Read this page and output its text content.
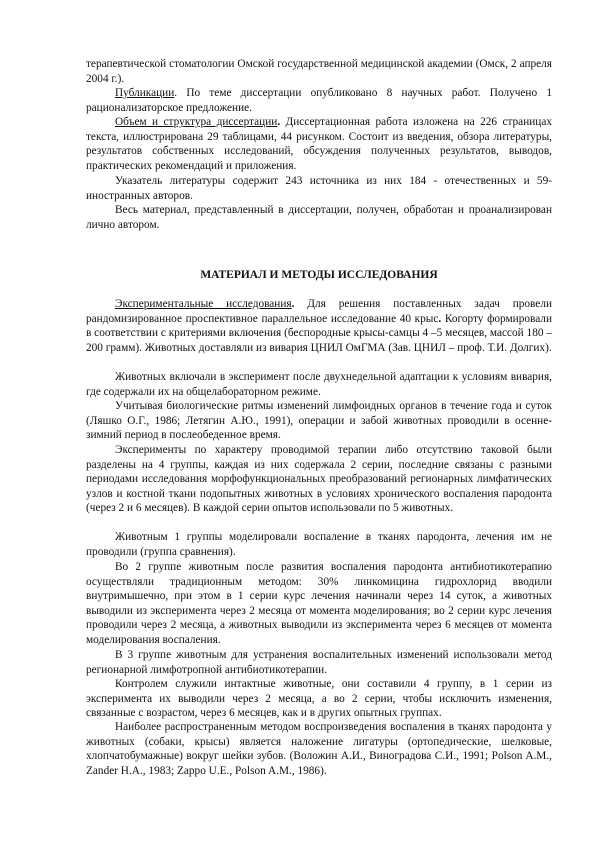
терапевтической стоматологии Омской государственной медицинской академии (Омск, 2 апреля 2004 г.).

Публикации. По теме диссертации опубликовано 8 научных работ. Получено 1 рационализаторское предложение.

Объем и структура диссертации. Диссертационная работа изложена на 226 страницах текста, иллюстрирована 29 таблицами, 44 рисунком. Состоит из введения, обзора литературы, результатов собственных исследований, обсуждения полученных результатов, выводов, практических рекомендаций и приложения.

Указатель литературы содержит 243 источника из них 184 - отечественных и 59- иностранных авторов.

Весь материал, представленный в диссертации, получен, обработан и проанализирован лично автором.

МАТЕРИАЛ И МЕТОДЫ ИССЛЕДОВАНИЯ

Экспериментальные исследования. Для решения поставленных задач провели рандомизированное проспективное параллельное исследование 40 крыс. Когорту формировали в соответствии с критериями включения (беспородные крысы-самцы 4 –5 месяцев, массой 180 –200 грамм). Животных доставляли из вивария ЦНИЛ ОмГМА (Зав. ЦНИЛ – проф. Т.И. Долгих).

Животных включали в эксперимент после двухнедельной адаптации к условиям вивария, где содержали их на общелабораторном режиме.

Учитывая биологические ритмы изменений лимфоидных органов в течение года и суток (Ляшко О.Г., 1986; Летягин А.Ю., 1991), операции и забой животных проводили в осенне-зимний период в послеобеденное время.

Эксперименты по характеру проводимой терапии либо отсутствию таковой были разделены на 4 группы, каждая из них содержала 2 серии, последние связаны с разными периодами исследования морфофункциональных преобразований регионарных лимфатических узлов и костной ткани подопытных животных в условиях хронического воспаления пародонта (через 2 и 6 месяцев). В каждой серии опытов использовали по 5 животных.

Животным 1 группы моделировали воспаление в тканях пародонта, лечения им не проводили (группа сравнения).

Во 2 группе животным после развития воспаления пародонта антибиотикотерапию осуществляли традиционным методом: 30% линкомицина гидрохлорид вводили внутримышечно, при этом в 1 серии курс лечения начинали через 14 суток, а животных выводили из эксперимента через 2 месяца от момента моделирования; во 2 серии курс лечения проводили через 2 месяца, а животных выводили из эксперимента через 6 месяцев от момента моделирования воспаления.

В 3 группе животным для устранения воспалительных изменений использовали метод регионарной лимфотропной антибиотикотерапии.

Контролем служили интактные животные, они составили 4 группу, в 1 серии из эксперимента их выводили через 2 месяца, а во 2 серии, чтобы исключить изменения, связанные с возрастом, через 6 месяцев, как и в других опытных группах.

Наиболее распространенным методом воспроизведения воспаления в тканях пародонта у животных (собаки, крысы) является наложение лигатуры (ортопедические, шелковые, хлопчатобумажные) вокруг шейки зубов. (Воложин А.И., Виноградова С.И., 1991; Polson A.M., Zander H.A., 1983; Zappo U.E., Polson A.M., 1986).
